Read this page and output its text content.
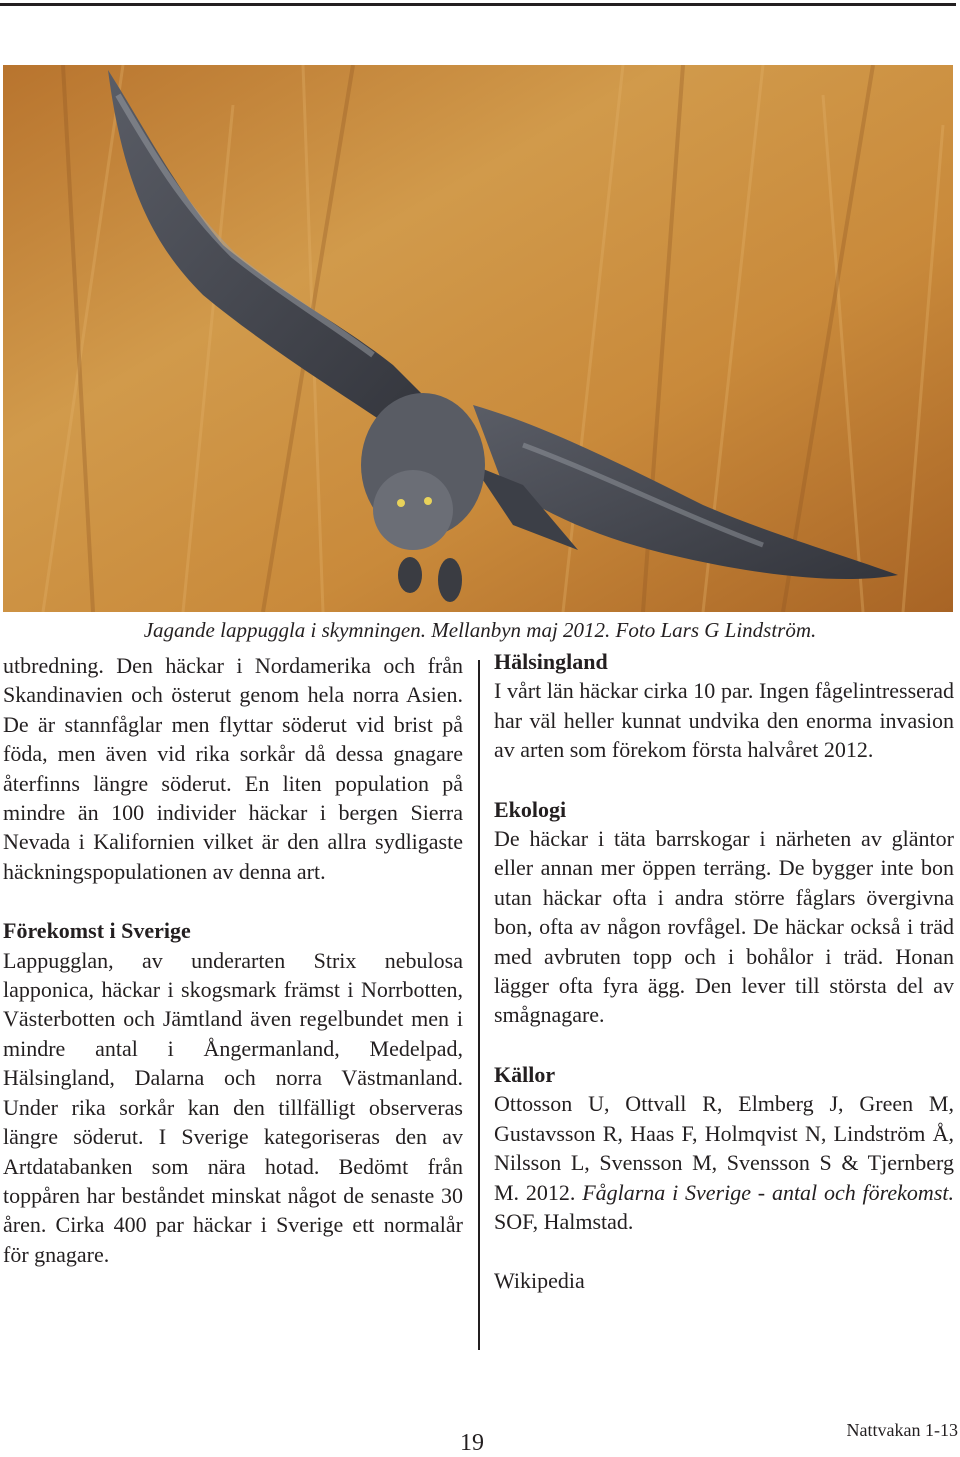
Jagande lappuggla i skymningen. Mellanbyn maj 2012. Foto Lars G Lindström.

utbredning. Den häckar i Nordamerika och från Skandinavien och österut genom hela norra Asien. De är stannfåglar men flyttar söderut vid brist på föda, men även vid rika sorkår då dessa gnagare återfinns längre söderut. En liten population på mindre än 100 individer häckar i bergen Sierra Nevada i Kalifornien vilket är den allra sydligaste häckningspopulationen av denna art.

Förekomst i Sverige

Lappugglan, av underarten Strix nebulosa lapponica, häckar i skogsmark främst i Norrbotten, Västerbotten och Jämtland även regelbundet men i mindre antal i Ångermanland, Medelpad, Hälsingland, Dalarna och norra Västmanland. Under rika sorkår kan den tillfälligt observeras längre söderut. I Sverige kategoriseras den av Artdatabanken som nära hotad. Bedömt från toppåren har beståndet minskat något de senaste 30 åren. Cirka 400 par häckar i Sverige ett normalår för gnagare.

Hälsingland

I vårt län häckar cirka 10 par. Ingen fågelintresserad har väl heller kunnat undvika den enorma invasion av arten som förekom första halvåret 2012.

Ekologi

De häckar i täta barrskogar i närheten av gläntor eller annan mer öppen terräng. De bygger inte bon utan häckar ofta i andra större fåglars övergivna bon, ofta av någon rovfågel. De häckar också i träd med avbruten topp och i bohålor i träd. Honan lägger ofta fyra ägg. Den lever till största del av smågnagare.

Källor

Ottosson U, Ottvall R, Elmberg J, Green M, Gustavsson R, Haas F, Holmqvist N, Lindström Å, Nilsson L, Svensson M, Svensson S & Tjernberg M. 2012. Fåglarna i Sverige - antal och förekomst. SOF, Halmstad.

Wikipedia

19	Nattvakan 1-13
